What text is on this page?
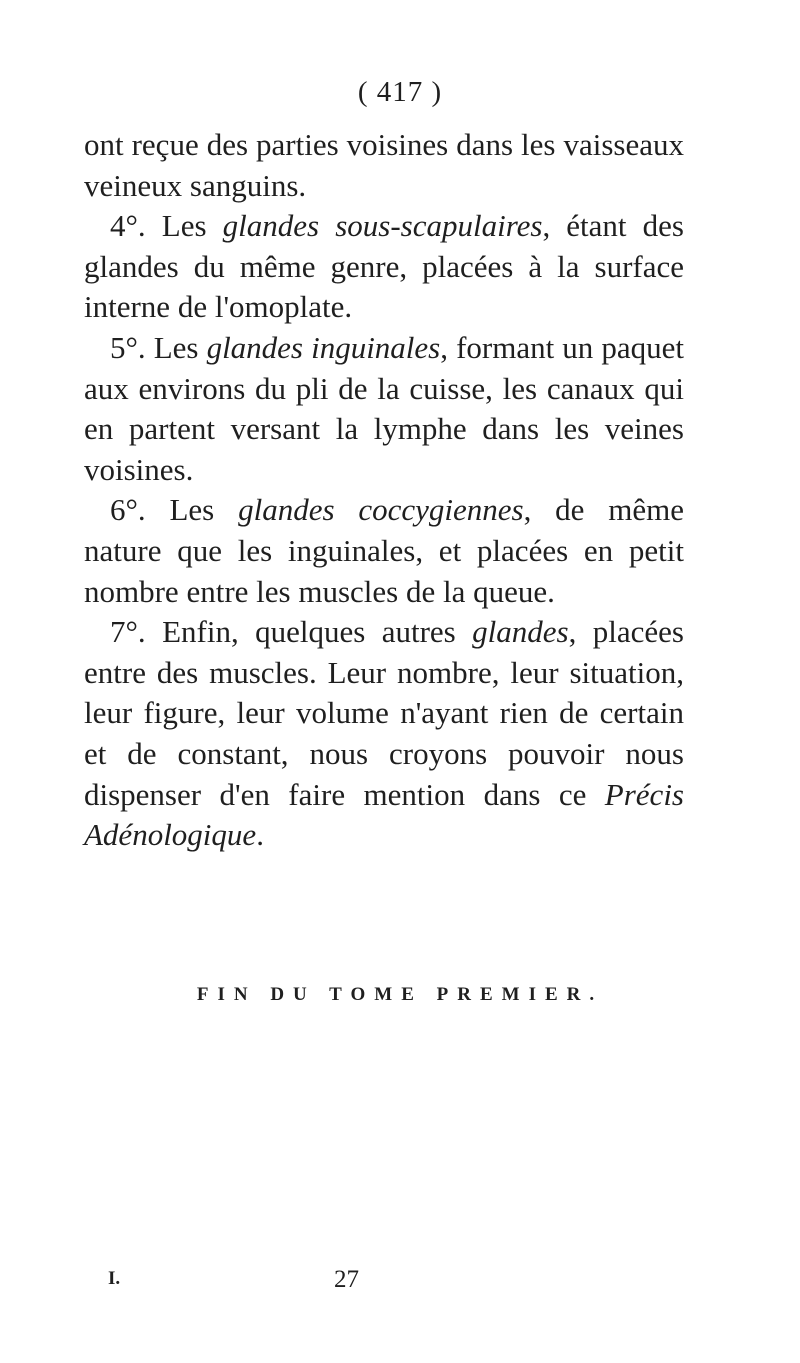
( 417 )

ont reçue des parties voisines dans les vaisseaux veineux sanguins.

4°. Les glandes sous-scapulaires, étant des glandes du même genre, placées à la surface interne de l'omoplate.

5°. Les glandes inguinales, formant un paquet aux environs du pli de la cuisse, les canaux qui en partent versant la lymphe dans les veines voisines.

6°. Les glandes coccygiennes, de même nature que les inguinales, et placées en petit nombre entre les muscles de la queue.

7°. Enfin, quelques autres glandes, placées entre des muscles. Leur nombre, leur situation, leur figure, leur volume n'ayant rien de certain et de constant, nous croyons pouvoir nous dispenser d'en faire mention dans ce Précis Adénologique.

FIN DU TOME PREMIER.
I.	27
